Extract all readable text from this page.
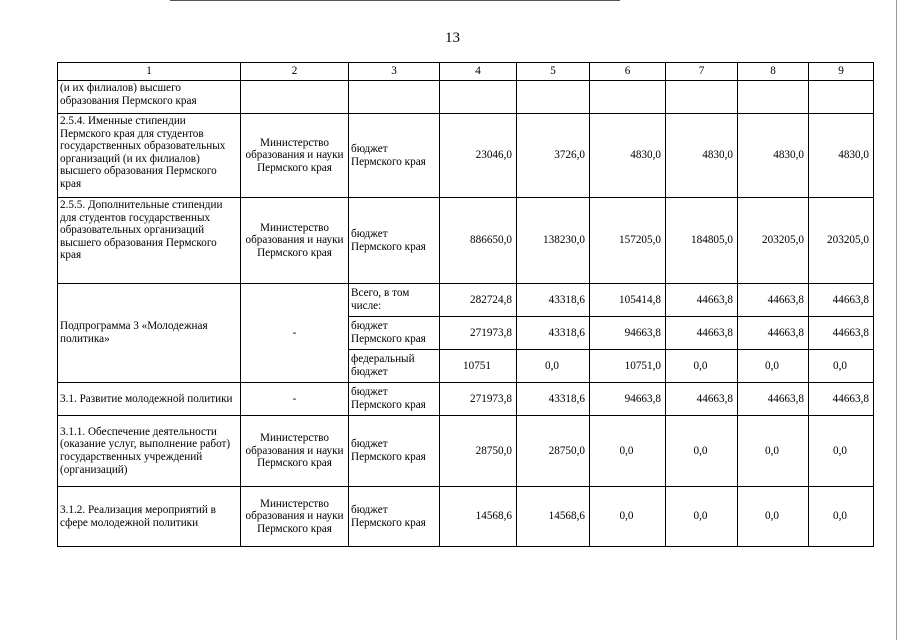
13
1	2	3	4	5	6	7	8	9
(и их филиалов) высшего образования Пермского края								
2.5.4. Именные стипендии Пермского края для студентов государственных образовательных организаций (и их филиалов) высшего образования Пермского края	Министерство образования и науки Пермского края	бюджет Пермского края	23046,0	3726,0	4830,0	4830,0	4830,0	4830,0
2.5.5. Дополнительные стипендии для студентов государственных образовательных организаций высшего образования Пермского края	Министерство образования и науки Пермского края	бюджет Пермского края	886650,0	138230,0	157205,0	184805,0	203205,0	203205,0
Подпрограмма 3 «Молодежная политика»	-	Всего, в том числе:	282724,8	43318,6	105414,8	44663,8	44663,8	44663,8
		бюджет Пермского края	271973,8	43318,6	94663,8	44663,8	44663,8	44663,8
		федеральный бюджет	10751	0,0	10751,0	0,0	0,0	0,0
3.1. Развитие молодежной политики	-	бюджет Пермского края	271973,8	43318,6	94663,8	44663,8	44663,8	44663,8
3.1.1. Обеспечение деятельности (оказание услуг, выполнение работ) государственных учреждений (организаций)	Министерство образования и науки Пермского края	бюджет Пермского края	28750,0	28750,0	0,0	0,0	0,0	0,0
3.1.2. Реализация мероприятий в сфере молодежной политики	Министерство образования и науки Пермского края	бюджет Пермского края	14568,6	14568,6	0,0	0,0	0,0	0,0
